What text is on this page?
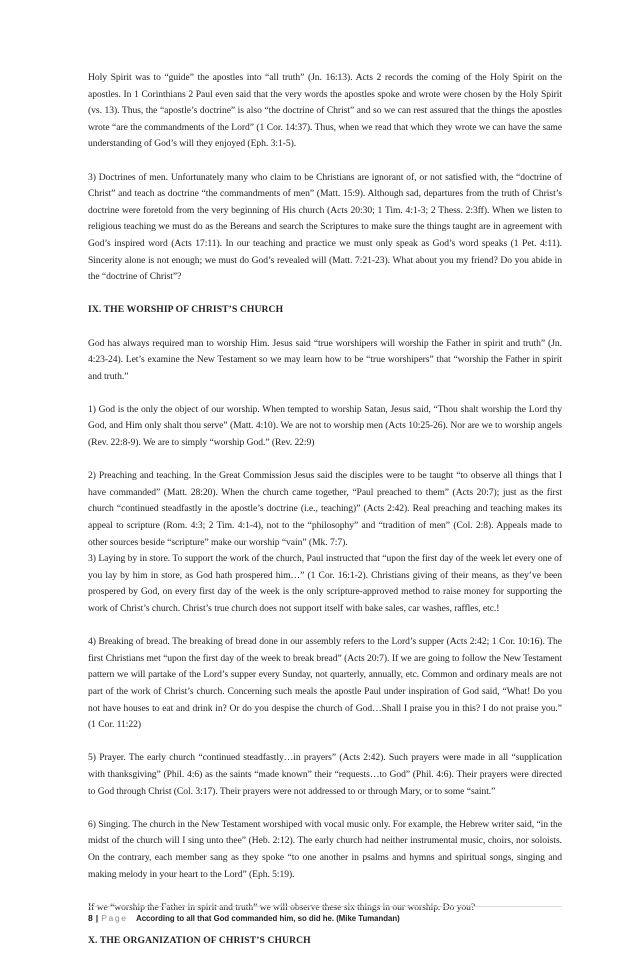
Holy Spirit was to “guide” the apostles into “all truth” (Jn. 16:13). Acts 2 records the coming of the Holy Spirit on the apostles. In 1 Corinthians 2 Paul even said that the very words the apostles spoke and wrote were chosen by the Holy Spirit (vs. 13). Thus, the “apostle’s doctrine” is also “the doctrine of Christ” and so we can rest assured that the things the apostles wrote “are the commandments of the Lord” (1 Cor. 14:37). Thus, when we read that which they wrote we can have the same understanding of God’s will they enjoyed (Eph. 3:1-5).

3) Doctrines of men. Unfortunately many who claim to be Christians are ignorant of, or not satisfied with, the “doctrine of Christ” and teach as doctrine “the commandments of men” (Matt. 15:9). Although sad, departures from the truth of Christ’s doctrine were foretold from the very beginning of His church (Acts 20:30; 1 Tim. 4:1-3; 2 Thess. 2:3ff). When we listen to religious teaching we must do as the Bereans and search the Scriptures to make sure the things taught are in agreement with God’s inspired word (Acts 17:11). In our teaching and practice we must only speak as God’s word speaks (1 Pet. 4:11). Sincerity alone is not enough; we must do God’s revealed will (Matt. 7:21-23). What about you my friend? Do you abide in the “doctrine of Christ”?

IX. THE WORSHIP OF CHRIST’S CHURCH

God has always required man to worship Him. Jesus said “true worshipers will worship the Father in spirit and truth” (Jn. 4:23-24). Let’s examine the New Testament so we may learn how to be “true worshipers” that “worship the Father in spirit and truth.”

1) God is the only the object of our worship. When tempted to worship Satan, Jesus said, “Thou shalt worship the Lord thy God, and Him only shalt thou serve” (Matt. 4:10). We are not to worship men (Acts 10:25-26). Nor are we to worship angels (Rev. 22:8-9). We are to simply “worship God.” (Rev. 22:9)

2) Preaching and teaching. In the Great Commission Jesus said the disciples were to be taught “to observe all things that I have commanded” (Matt. 28:20). When the church came together, “Paul preached to them” (Acts 20:7); just as the first church “continued steadfastly in the apostle’s doctrine (i.e., teaching)” (Acts 2:42). Real preaching and teaching makes its appeal to scripture (Rom. 4:3; 2 Tim. 4:1-4), not to the “philosophy” and “tradition of men” (Col. 2:8). Appeals made to other sources beside “scripture” make our worship “vain” (Mk. 7:7).

3) Laying by in store. To support the work of the church, Paul instructed that “upon the first day of the week let every one of you lay by him in store, as God hath prospered him…” (1 Cor. 16:1-2). Christians giving of their means, as they’ve been prospered by God, on every first day of the week is the only scripture-approved method to raise money for supporting the work of Christ’s church. Christ’s true church does not support itself with bake sales, car washes, raffles, etc.!

4) Breaking of bread. The breaking of bread done in our assembly refers to the Lord’s supper (Acts 2:42; 1 Cor. 10:16). The first Christians met “upon the first day of the week to break bread” (Acts 20:7). If we are going to follow the New Testament pattern we will partake of the Lord’s supper every Sunday, not quarterly, annually, etc. Common and ordinary meals are not part of the work of Christ’s church. Concerning such meals the apostle Paul under inspiration of God said, “What! Do you not have houses to eat and drink in? Or do you despise the church of God…Shall I praise you in this? I do not praise you.” (1 Cor. 11:22)

5) Prayer. The early church “continued steadfastly…in prayers” (Acts 2:42). Such prayers were made in all “supplication with thanksgiving” (Phil. 4:6) as the saints “made known” their “requests…to God” (Phil. 4:6). Their prayers were directed to God through Christ (Col. 3:17). Their prayers were not addressed to or through Mary, or to some “saint.”

6) Singing. The church in the New Testament worshiped with vocal music only. For example, the Hebrew writer said, “in the midst of the church will I sing unto thee” (Heb. 2:12). The early church had neither instrumental music, choirs, nor soloists. On the contrary, each member sang as they spoke “to one another in psalms and hymns and spiritual songs, singing and making melody in your heart to the Lord” (Eph. 5:19).

If we “worship the Father in spirit and truth” we will observe these six things in our worship. Do you?

X. THE ORGANIZATION OF CHRIST’S CHURCH
8 | Page According to all that God commanded him, so did he. (Mike Tumandan)
